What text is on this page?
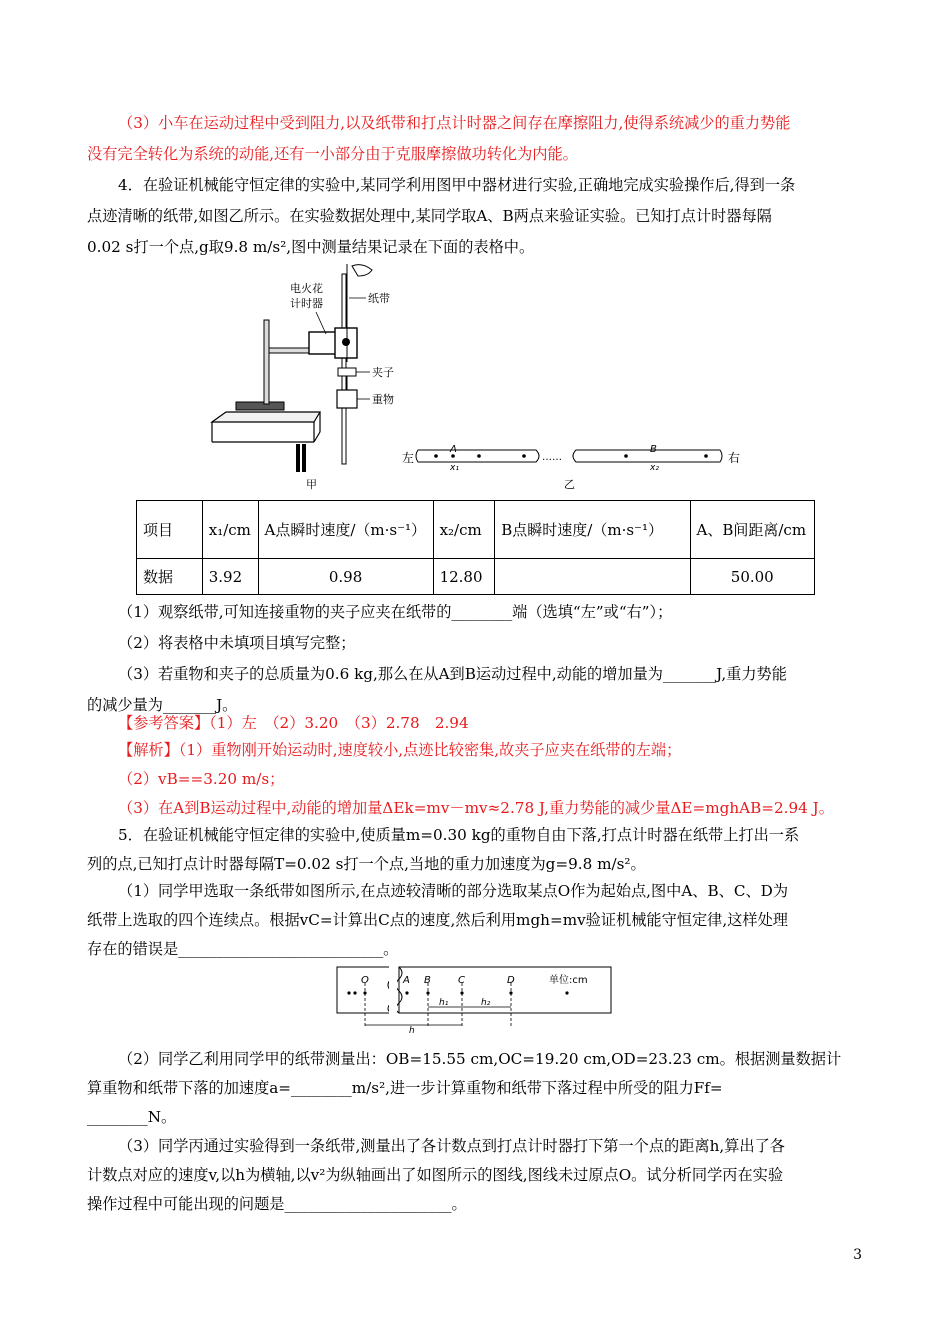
（3）小车在运动过程中受到阻力,以及纸带和打点计时器之间存在摩擦阻力,使得系统减少的重力势能
没有完全转化为系统的动能,还有一小部分由于克服摩擦做功转化为内能。
4．在验证机械能守恒定律的实验中,某同学利用图甲中器材进行实验,正确地完成实验操作后,得到一条
点迹清晰的纸带,如图乙所示。在实验数据处理中,某同学取A、B两点来验证实验。已知打点计时器每隔
0.02 s打一个点,g取9.8 m/s²,图中测量结果记录在下面的表格中。
电火花
计时器	纸带
夹子
重物
甲
左	……
A
x₁
B
x₂
右
乙
项目	x₁/cm	A点瞬时速度/（m·s⁻¹）	x₂/cm	B点瞬时速度/（m·s⁻¹）	A、B间距离/cm
数据	3.92	0.98	12.80		50.00
（1）观察纸带,可知连接重物的夹子应夹在纸带的________端（选填“左”或“右”）；
（2）将表格中未填项目填写完整；
（3）若重物和夹子的总质量为0.6 kg,那么在从A到B运动过程中,动能的增加量为_______J,重力势能
的减少量为_______J。
【参考答案】（1）左　（2）3.20　（3）2.78　2.94
【解析】（1）重物刚开始运动时,速度较小,点迹比较密集,故夹子应夹在纸带的左端；
（2）vB==3.20 m/s；
（3）在A到B运动过程中,动能的增加量ΔEk=mv－mv≈2.78 J,重力势能的减少量ΔE=mghAB=2.94 J。
5．在验证机械能守恒定律的实验中,使质量m=0.30 kg的重物自由下落,打点计时器在纸带上打出一系
列的点,已知打点计时器每隔T=0.02 s打一个点,当地的重力加速度为g=9.8 m/s²。
（1）同学甲选取一条纸带如图所示,在点迹较清晰的部分选取某点O作为起始点,图中A、B、C、D为
纸带上选取的四个连续点。根据vC=计算出C点的速度,然后利用mgh=mv验证机械能守恒定律,这样处理
存在的错误是___________________________。
O	A B	C	D
h₁	h₂
h
单位:cm
（2）同学乙利用同学甲的纸带测量出：OB=15.55 cm,OC=19.20 cm,OD=23.23 cm。根据测量数据计
算重物和纸带下落的加速度a=________m/s²,进一步计算重物和纸带下落过程中所受的阻力Ff=
________N。
（3）同学丙通过实验得到一条纸带,测量出了各计数点到打点计时器打下第一个点的距离h,算出了各
计数点对应的速度v,以h为横轴,以v²为纵轴画出了如图所示的图线,图线未过原点O。试分析同学丙在实验
操作过程中可能出现的问题是______________________。
3
